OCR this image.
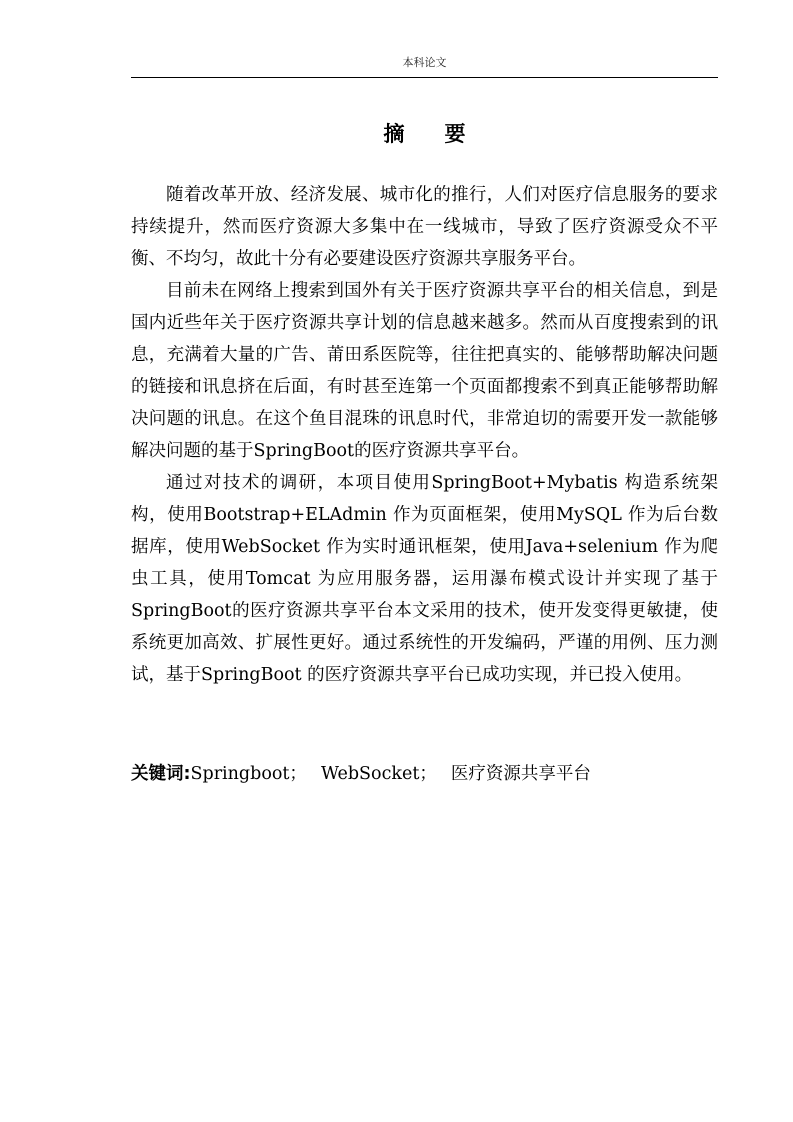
本科论文
摘 要

随着改革开放、经济发展、城市化的推行，人们对医疗信息服务的要求持续提升，然而医疗资源大多集中在一线城市，导致了医疗资源受众不平衡、不均匀，故此十分有必要建设医疗资源共享服务平台。

目前未在网络上搜索到国外有关于医疗资源共享平台的相关信息，到是国内近些年关于医疗资源共享计划的信息越来越多。然而从百度搜索到的讯息，充满着大量的广告、莆田系医院等，往往把真实的、能够帮助解决问题的链接和讯息挤在后面，有时甚至连第一个页面都搜索不到真正能够帮助解决问题的讯息。在这个鱼目混珠的讯息时代，非常迫切的需要开发一款能够解决问题的基于SpringBoot的医疗资源共享平台。

通过对技术的调研，本项目使用SpringBoot+Mybatis 构造系统架构，使用Bootstrap+ELAdmin 作为页面框架，使用MySQL 作为后台数据库，使用WebSocket 作为实时通讯框架，使用Java+selenium 作为爬虫工具，使用Tomcat 为应用服务器，运用瀑布模式设计并实现了基于SpringBoot的医疗资源共享平台本文采用的技术，使开发变得更敏捷，使系统更加高效、扩展性更好。通过系统性的开发编码，严谨的用例、压力测试，基于SpringBoot 的医疗资源共享平台已成功实现，并已投入使用。

关键词:Springboot； WebSocket； 医疗资源共享平台
